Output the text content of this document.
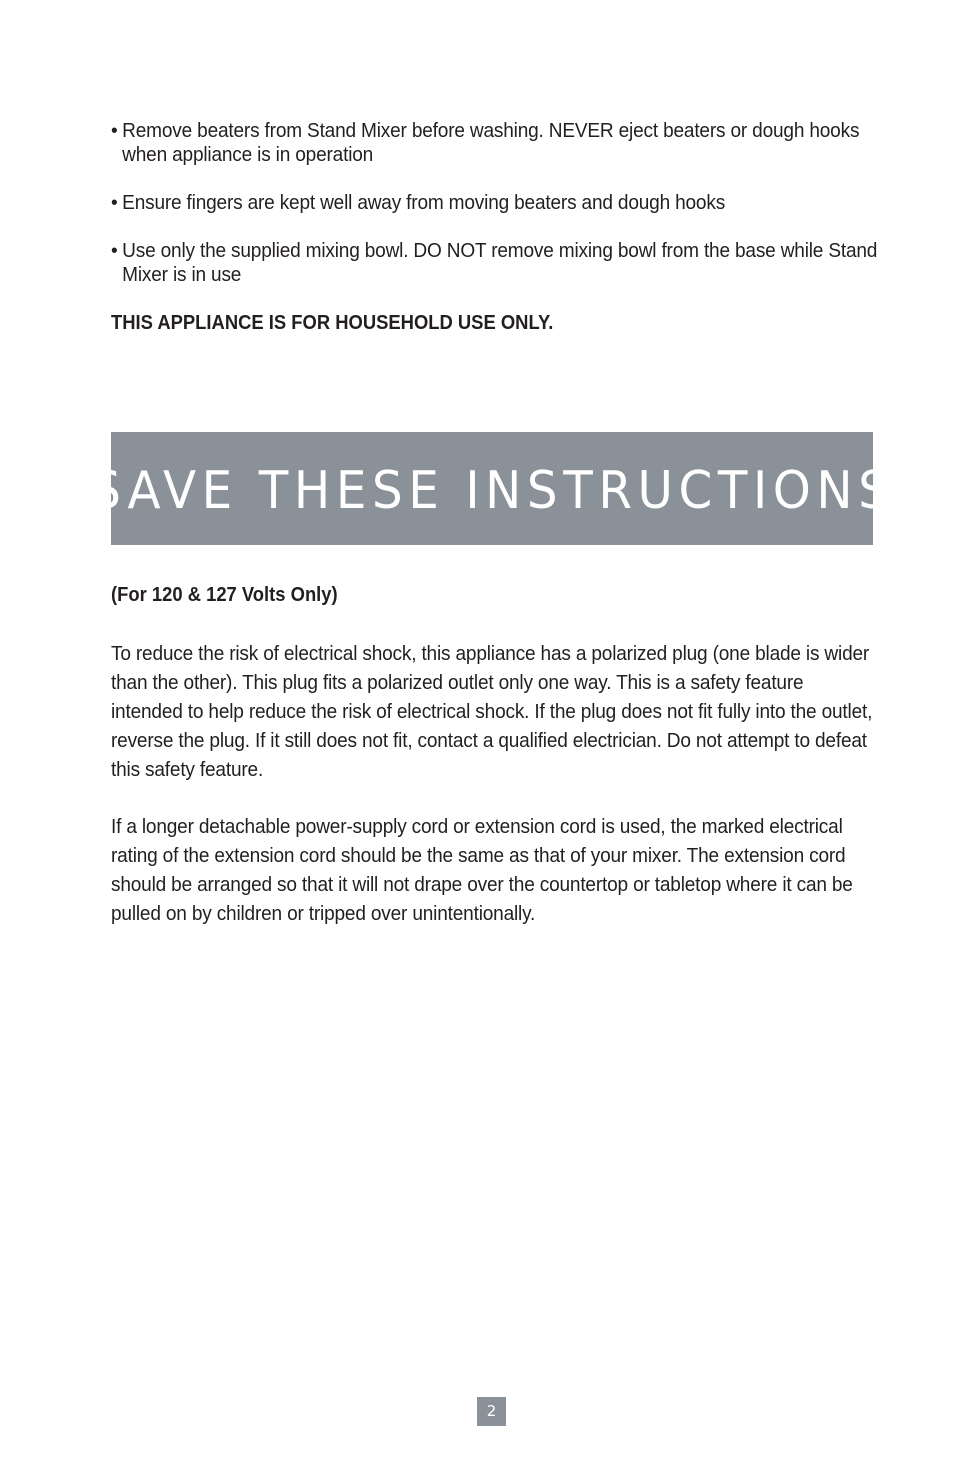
• Remove beaters from Stand Mixer before washing. NEVER eject beaters or dough hooks when appliance is in operation
• Ensure fingers are kept well away from moving beaters and dough hooks
• Use only the supplied mixing bowl. DO NOT remove mixing bowl from the base while Stand Mixer is in use

THIS APPLIANCE IS FOR HOUSEHOLD USE ONLY.

SAVE THESE INSTRUCTIONS

(For 120 & 127 Volts Only)

To reduce the risk of electrical shock, this appliance has a polarized plug (one blade is wider than the other). This plug fits a polarized outlet only one way. This is a safety feature intended to help reduce the risk of electrical shock. If the plug does not fit fully into the outlet, reverse the plug. If it still does not fit, contact a qualified electrician. Do not attempt to defeat this safety feature.

If a longer detachable power-supply cord or extension cord is used, the marked electrical rating of the extension cord should be the same as that of your mixer. The extension cord should be arranged so that it will not drape over the countertop or tabletop where it can be pulled on by children or tripped over unintentionally.

2
